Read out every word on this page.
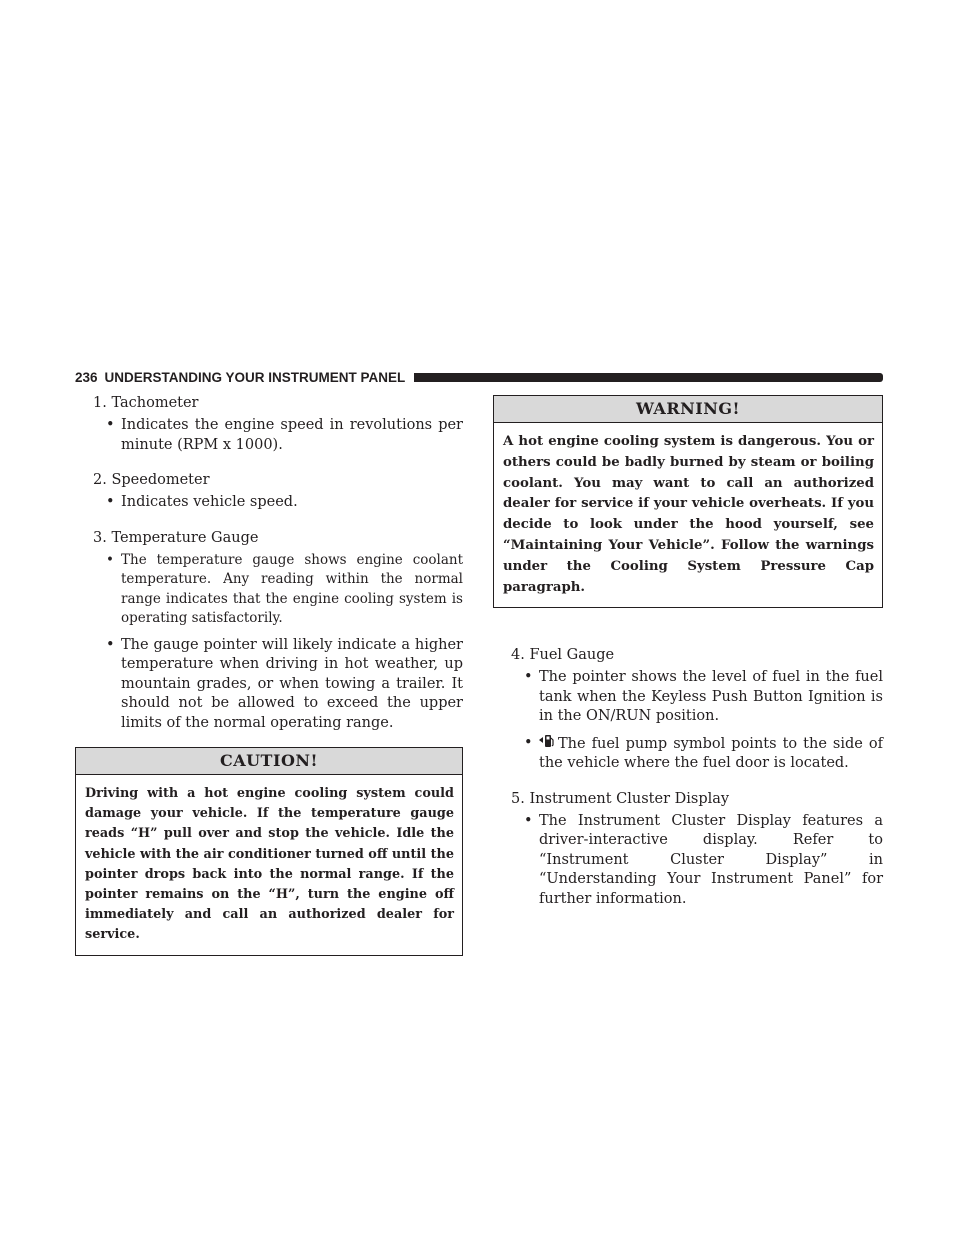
236 UNDERSTANDING YOUR INSTRUMENT PANEL
1. Tachometer
• Indicates the engine speed in revolutions per minute (RPM x 1000).
2. Speedometer
• Indicates vehicle speed.
3. Temperature Gauge
• The temperature gauge shows engine coolant temperature. Any reading within the normal range indicates that the engine cooling system is operating satisfactorily.
• The gauge pointer will likely indicate a higher temperature when driving in hot weather, up mountain grades, or when towing a trailer. It should not be allowed to exceed the upper limits of the normal operating range.
CAUTION!
Driving with a hot engine cooling system could damage your vehicle. If the temperature gauge reads “H” pull over and stop the vehicle. Idle the vehicle with the air conditioner turned off until the pointer drops back into the normal range. If the pointer remains on the “H”, turn the engine off immediately and call an authorized dealer for service.
WARNING!
A hot engine cooling system is dangerous. You or others could be badly burned by steam or boiling coolant. You may want to call an authorized dealer for service if your vehicle overheats. If you decide to look under the hood yourself, see “Maintaining Your Vehicle”. Follow the warnings under the Cooling System Pressure Cap paragraph.
4. Fuel Gauge
• The pointer shows the level of fuel in the fuel tank when the Keyless Push Button Ignition is in the ON/RUN position.
• The fuel pump symbol points to the side of the vehicle where the fuel door is located.
5. Instrument Cluster Display
• The Instrument Cluster Display features a driver-interactive display. Refer to “Instrument Cluster Display” in “Understanding Your Instrument Panel” for further information.
